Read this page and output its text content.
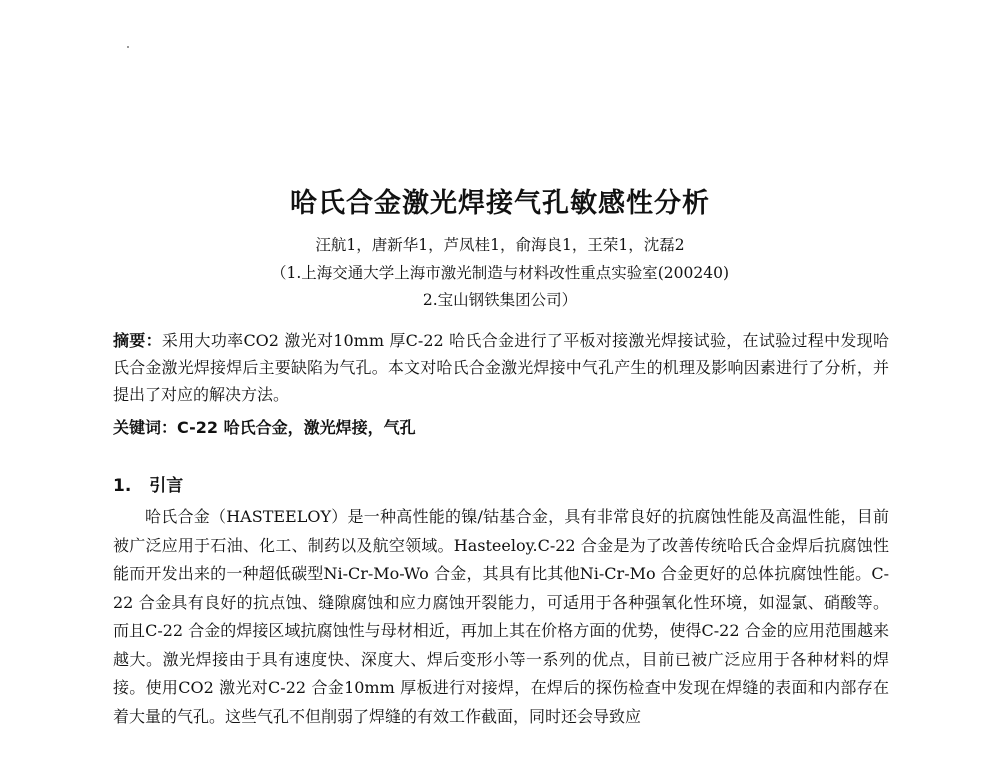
哈氏合金激光焊接气孔敏感性分析
汪航1，唐新华1，芦凤桂1，俞海良1，王荣1，沈磊2
（1.上海交通大学上海市激光制造与材料改性重点实验室(200240)
2.宝山钢铁集团公司）

摘要：采用大功率CO2 激光对10mm 厚C-22 哈氏合金进行了平板对接激光焊接试验，在试验过程中发现哈氏合金激光焊接焊后主要缺陷为气孔。本文对哈氏合金激光焊接中气孔产生的机理及影响因素进行了分析，并提出了对应的解决方法。

关键词：C-22 哈氏合金，激光焊接，气孔

1. 引言

哈氏合金（HASTEELOY）是一种高性能的镍/钴基合金，具有非常良好的抗腐蚀性能及高温性能，目前被广泛应用于石油、化工、制药以及航空领域。Hasteeloy.C-22 合金是为了改善传统哈氏合金焊后抗腐蚀性能而开发出来的一种超低碳型Ni-Cr-Mo-Wo 合金，其具有比其他Ni-Cr-Mo 合金更好的总体抗腐蚀性能。C-22 合金具有良好的抗点蚀、缝隙腐蚀和应力腐蚀开裂能力，可适用于各种强氧化性环境，如湿氯、硝酸等。而且C-22 合金的焊接区域抗腐蚀性与母材相近，再加上其在价格方面的优势，使得C-22 合金的应用范围越来越大。激光焊接由于具有速度快、深度大、焊后变形小等一系列的优点，目前已被广泛应用于各种材料的焊接。使用CO2 激光对C-22 合金10mm 厚板进行对接焊，在焊后的探伤检查中发现在焊缝的表面和内部存在着大量的气孔。这些气孔不但削弱了焊缝的有效工作截面，同时还会导致应
